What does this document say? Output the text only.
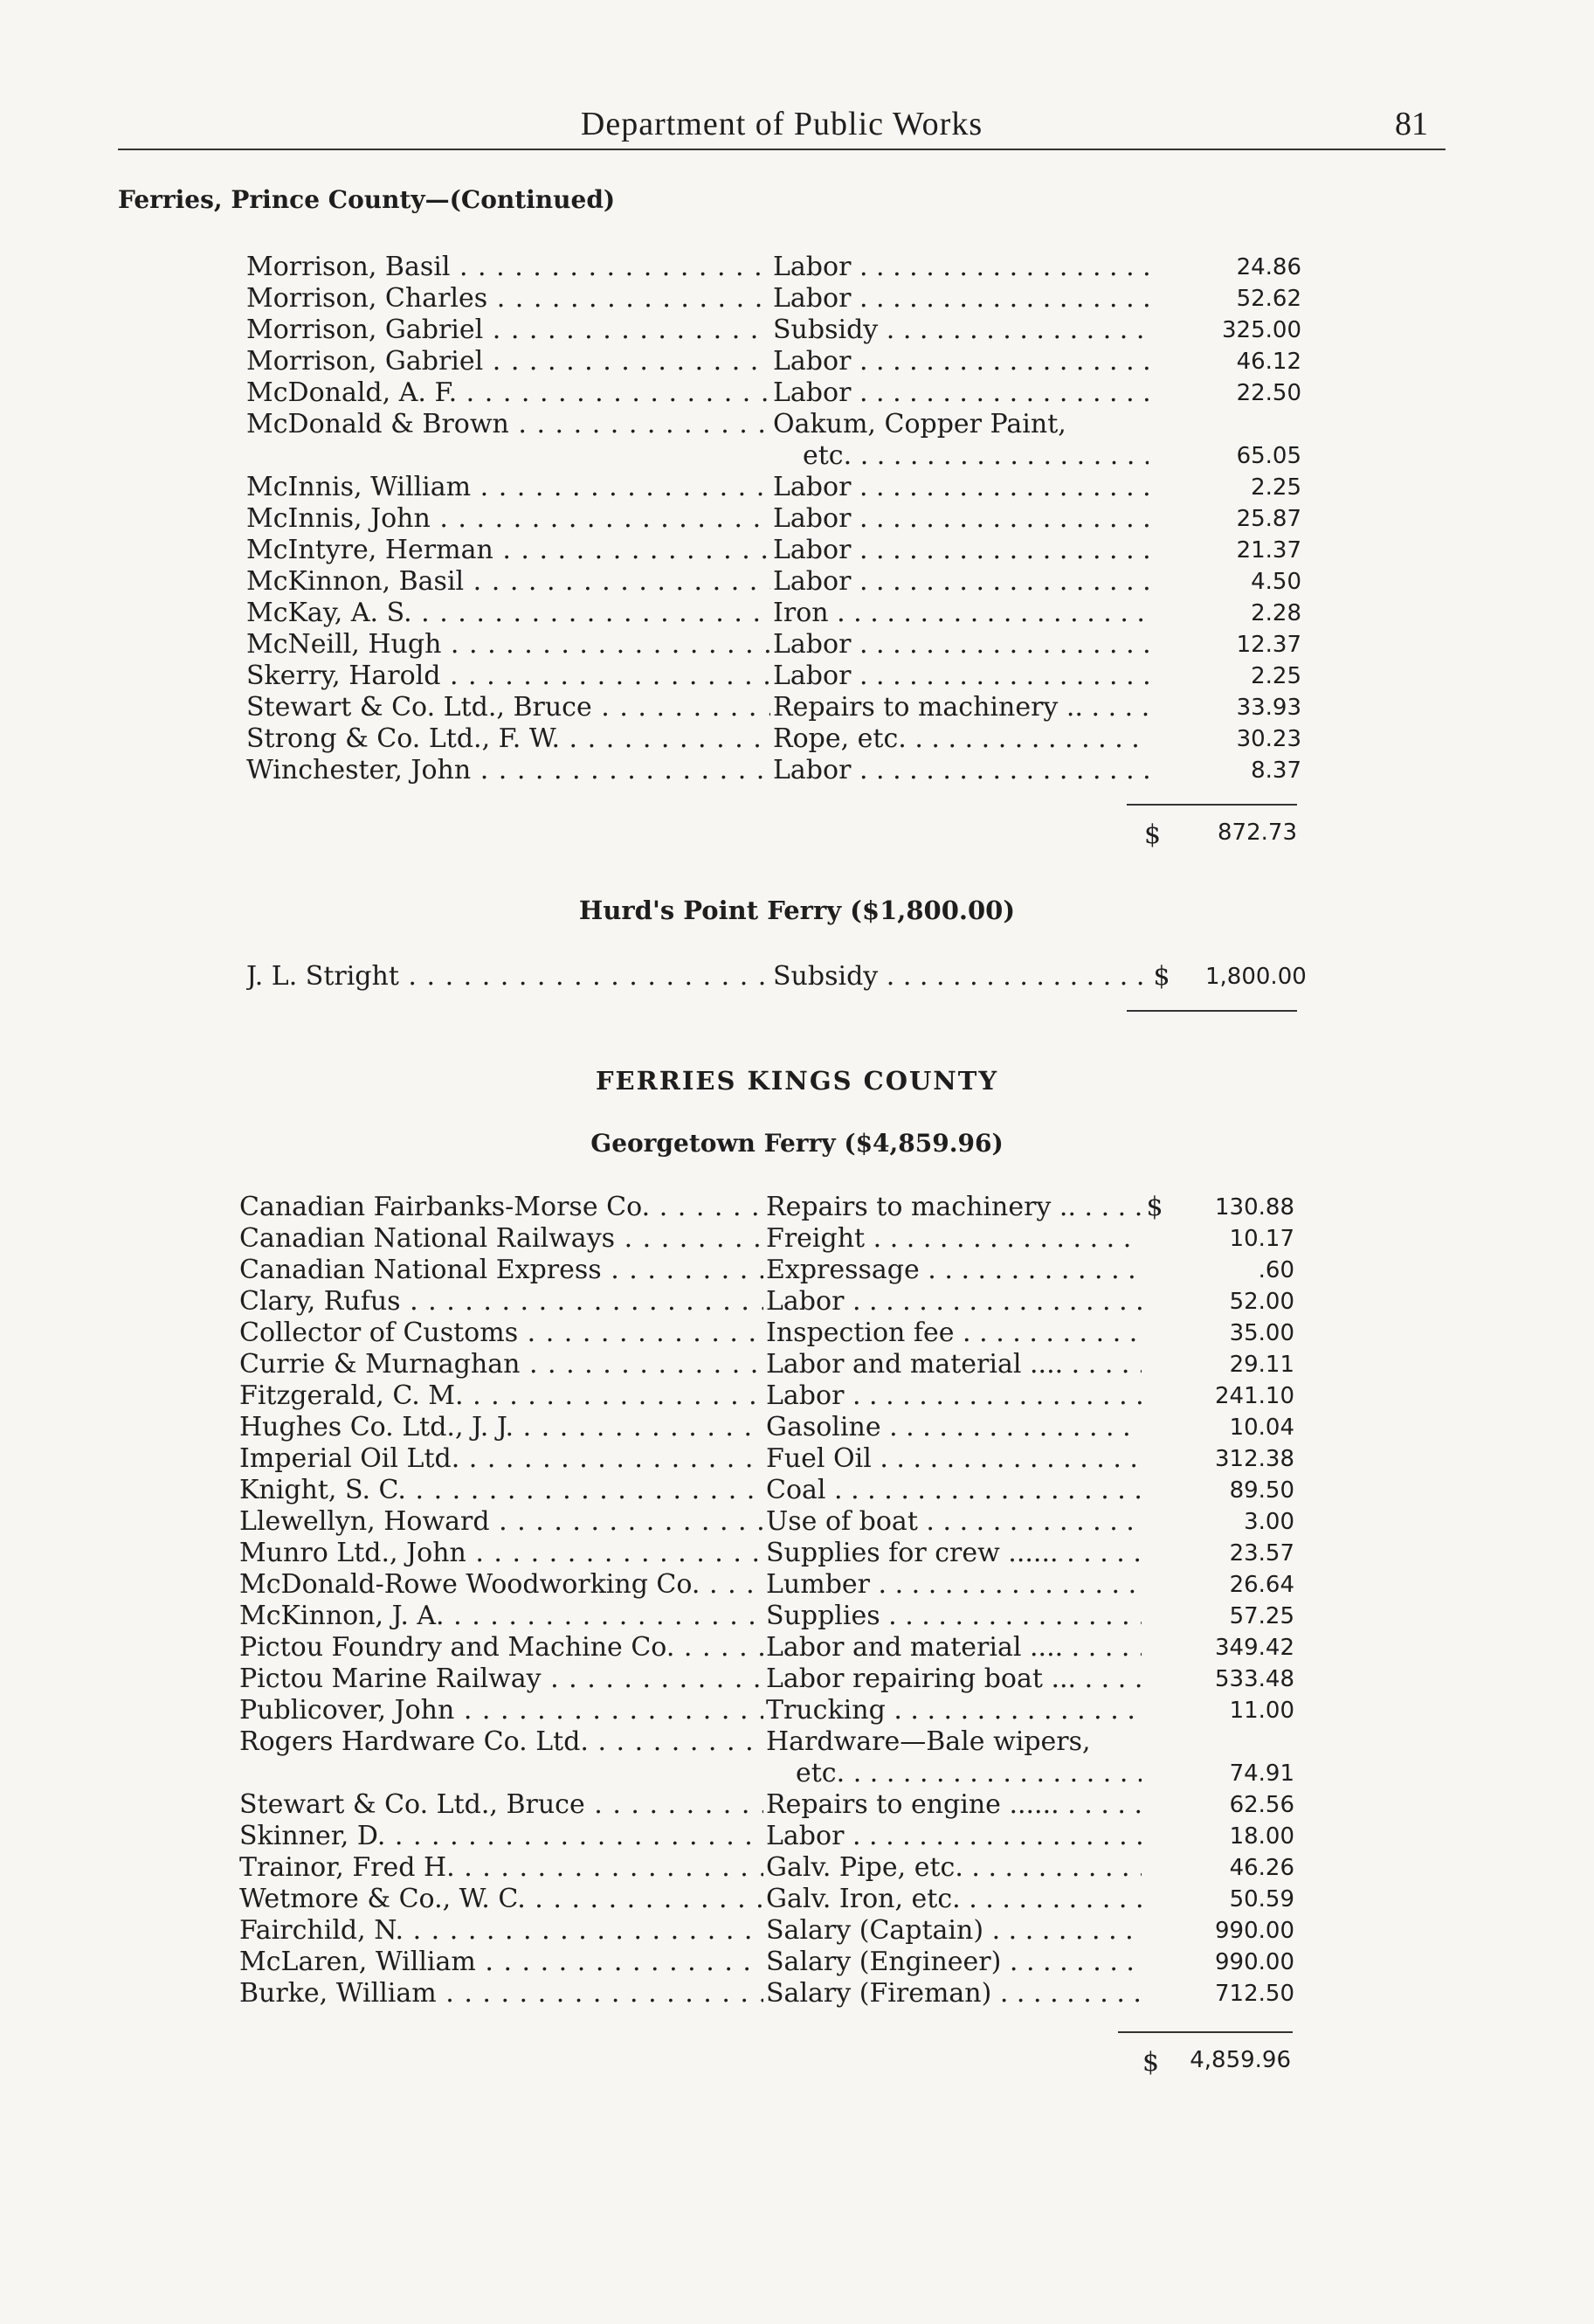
Department of Public Works	81
Ferries, Prince County—(Continued)
Morrison, Basil . . .	Labor . . .	24.86
Morrison, Charles . . .	Labor . . .	52.62
Morrison, Gabriel . . .	Subsidy . . .	325.00
Morrison, Gabriel . . .	Labor . . .	46.12
McDonald, A. F. . . .	Labor . . .	22.50
McDonald & Brown . . .	Oakum, Copper Paint,
etc. . . .	65.05
McInnis, William . . .	Labor . . .	2.25
McInnis, John . . .	Labor . . .	25.87
McIntyre, Herman . . .	Labor . . .	21.37
McKinnon, Basil . . .	Labor . . .	4.50
McKay, A. S. . . .	Iron . . .	2.28
McNeill, Hugh . . .	Labor . . .	12.37
Skerry, Harold . . .	Labor . . .	2.25
Stewart & Co. Ltd., Bruce . . .	Repairs to machinery .. . . .	33.93
Strong & Co. Ltd., F. W. . . .	Rope, etc. . . .	30.23
Winchester, John . . .	Labor . . .	8.37
$	872.73
Hurd's Point Ferry ($1,800.00)
J. L. Stright . . .	Subsidy . . .	$ 1,800.00
FERRIES KINGS COUNTY
Georgetown Ferry ($4,859.96)
Canadian Fairbanks-Morse Co. . . .	Repairs to machinery .. . . .	$	130.88
Canadian National Railways . . .	Freight . . .	10.17
Canadian National Express . . .	Expressage . . .	.60
Clary, Rufus . . .	Labor . . .	52.00
Collector of Customs . . .	Inspection fee . . .	35.00
Currie & Murnaghan . . .	Labor and material .... . . .	29.11
Fitzgerald, C. M. . . .	Labor . . .	241.10
Hughes Co. Ltd., J. J. . . .	Gasoline . . .	10.04
Imperial Oil Ltd. . . .	Fuel Oil . . .	312.38
Knight, S. C. . . .	Coal . . .	89.50
Llewellyn, Howard . . .	Use of boat . . .	3.00
Munro Ltd., John . . .	Supplies for crew ...... . . .	23.57
McDonald-Rowe Woodworking Co. . . .	Lumber . . .	26.64
McKinnon, J. A. . . .	Supplies . . .	57.25
Pictou Foundry and Machine Co. . . .	Labor and material .... . . .	349.42
Pictou Marine Railway . . .	Labor repairing boat ... . . .	533.48
Publicover, John . . .	Trucking . . .	11.00
Rogers Hardware Co. Ltd. . . .	Hardware—Bale wipers,
etc. . . .	74.91
Stewart & Co. Ltd., Bruce . . .	Repairs to engine ...... . . .	62.56
Skinner, D. . . .	Labor . . .	18.00
Trainor, Fred H. . . .	Galv. Pipe, etc. . . .	46.26
Wetmore & Co., W. C. . . .	Galv. Iron, etc. . . .	50.59
Fairchild, N. . . .	Salary (Captain) . . .	990.00
McLaren, William . . .	Salary (Engineer) . . .	990.00
Burke, William . . .	Salary (Fireman) . . .	712.50
$	4,859.96
